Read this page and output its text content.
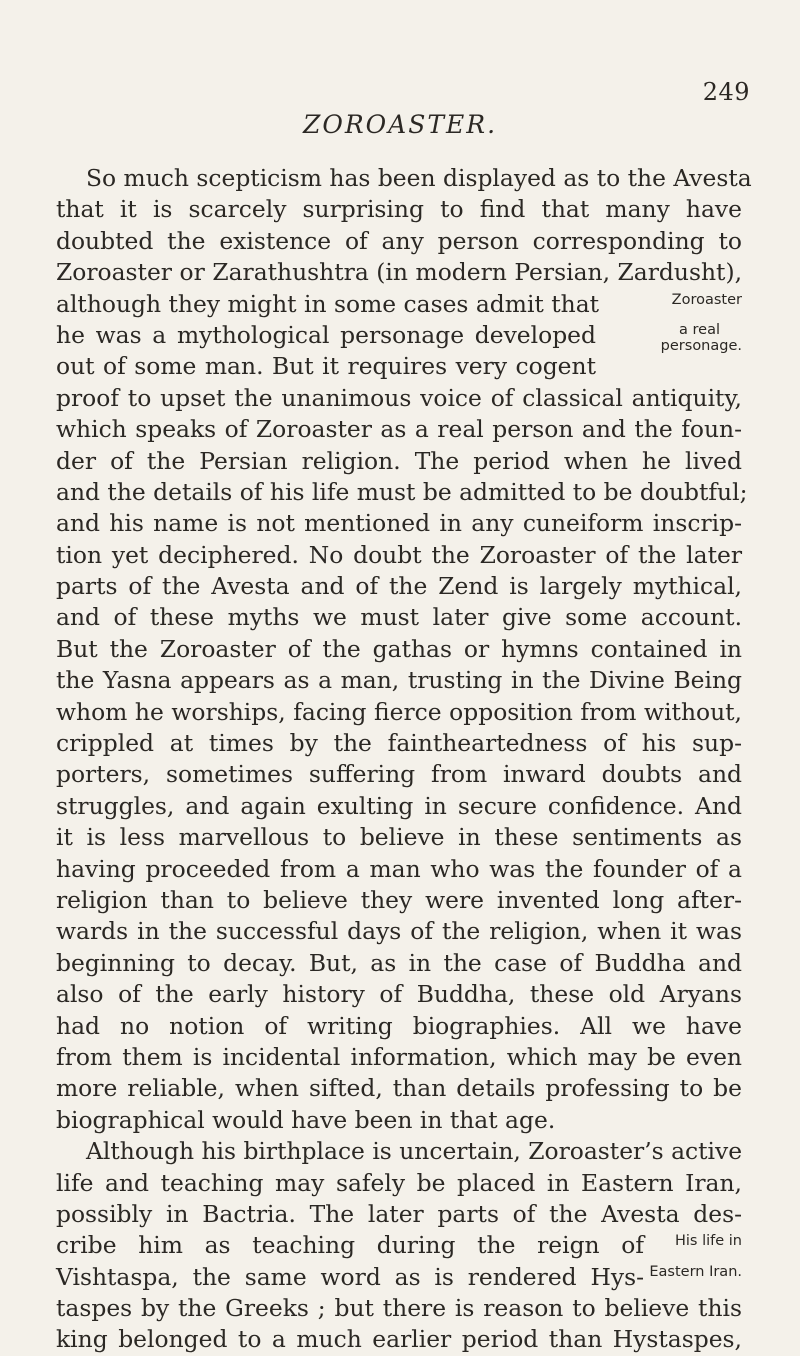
249
ZOROASTER.
So much scepticism has been displayed as to the Avesta
that it is scarcely surprising to find that many have
doubted the existence of any person corresponding to
Zoroaster or Zarathushtra (in modern Persian, Zardusht),
although they might in some cases admit that
he was a mythological personage developed
out of some man. But it requires very cogent
proof to upset the unanimous voice of classical antiquity,
which speaks of Zoroaster as a real person and the foun-
der of the Persian religion. The period when he lived
and the details of his life must be admitted to be doubtful;
and his name is not mentioned in any cuneiform inscrip-
tion yet deciphered. No doubt the Zoroaster of the later
parts of the Avesta and of the Zend is largely mythical,
and of these myths we must later give some account.
But the Zoroaster of the gathas or hymns contained in
the Yasna appears as a man, trusting in the Divine Being
whom he worships, facing fierce opposition from without,
crippled at times by the faintheartedness of his sup-
porters, sometimes suffering from inward doubts and
struggles, and again exulting in secure confidence. And
it is less marvellous to believe in these sentiments as
having proceeded from a man who was the founder of a
religion than to believe they were invented long after-
wards in the successful days of the religion, when it was
beginning to decay. But, as in the case of Buddha and
also of the early history of Buddha, these old Aryans
had no notion of writing biographies. All we have
from them is incidental information, which may be even
more reliable, when sifted, than details professing to be
biographical would have been in that age.
Although his birthplace is uncertain, Zoroaster’s active
life and teaching may safely be placed in Eastern Iran,
possibly in Bactria. The later parts of the Avesta des-
cribe him as teaching during the reign of
Vishtaspa, the same word as is rendered Hys-
taspes by the Greeks ; but there is reason to believe this
king belonged to a much earlier period than Hystaspes,
Zoroaster
a real
personage.
His life in
Eastern Iran.
